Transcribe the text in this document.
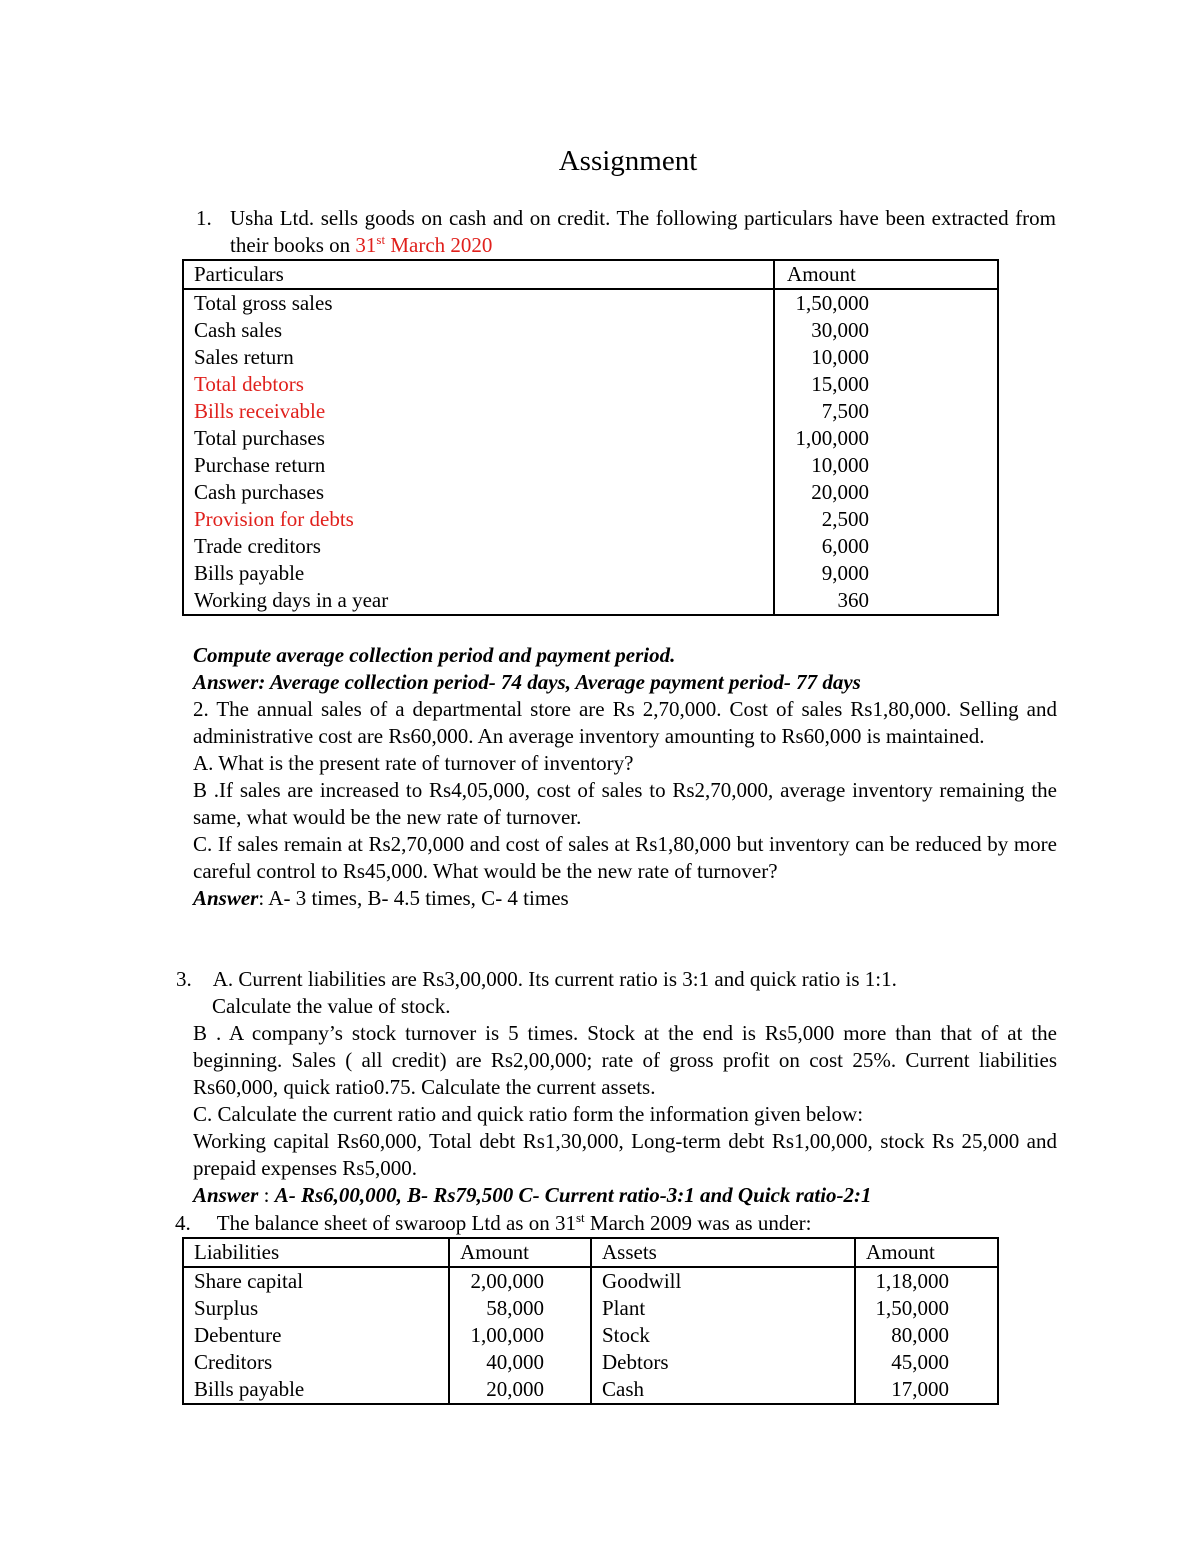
Assignment
1. Usha Ltd. sells goods on cash and on credit. The following particulars have been extracted from their books on 31st March 2020
Particulars	Amount
Total gross sales	1,50,000
Cash sales	30,000
Sales return	10,000
Total debtors	15,000
Bills receivable	7,500
Total purchases	1,00,000
Purchase return	10,000
Cash purchases	20,000
Provision for debts	2,500
Trade creditors	6,000
Bills payable	9,000
Working days in a year	360
Compute average collection period and payment period.
Answer: Average collection period- 74 days, Average payment period- 77 days
2. The annual sales of a departmental store are Rs 2,70,000. Cost of sales Rs1,80,000. Selling and administrative cost are Rs60,000. An average inventory amounting to Rs60,000 is maintained.
A. What is the present rate of turnover of inventory?
B .If sales are increased to Rs4,05,000, cost of sales to Rs2,70,000, average inventory remaining the same, what would be the new rate of turnover.
C. If sales remain at Rs2,70,000 and cost of sales at Rs1,80,000 but inventory can be reduced by more careful control to Rs45,000. What would be the new rate of turnover?
Answer: A- 3 times, B- 4.5 times, C- 4 times
3. A. Current liabilities are Rs3,00,000. Its current ratio is 3:1 and quick ratio is 1:1.
Calculate the value of stock.
B . A company’s stock turnover is 5 times. Stock at the end is Rs5,000 more than that of at the beginning. Sales ( all credit) are Rs2,00,000; rate of gross profit on cost 25%. Current liabilities Rs60,000, quick ratio0.75. Calculate the current assets.
C. Calculate the current ratio and quick ratio form the information given below:
Working capital Rs60,000, Total debt Rs1,30,000, Long-term debt Rs1,00,000, stock Rs 25,000 and prepaid expenses Rs5,000.
Answer : A- Rs6,00,000, B- Rs79,500 C- Current ratio-3:1 and Quick ratio-2:1
4. The balance sheet of swaroop Ltd as on 31st March 2009 was as under:
Liabilities	Amount	Assets	Amount
Share capital	2,00,000	Goodwill	1,18,000
Surplus	58,000	Plant	1,50,000
Debenture	1,00,000	Stock	80,000
Creditors	40,000	Debtors	45,000
Bills payable	20,000	Cash	17,000
